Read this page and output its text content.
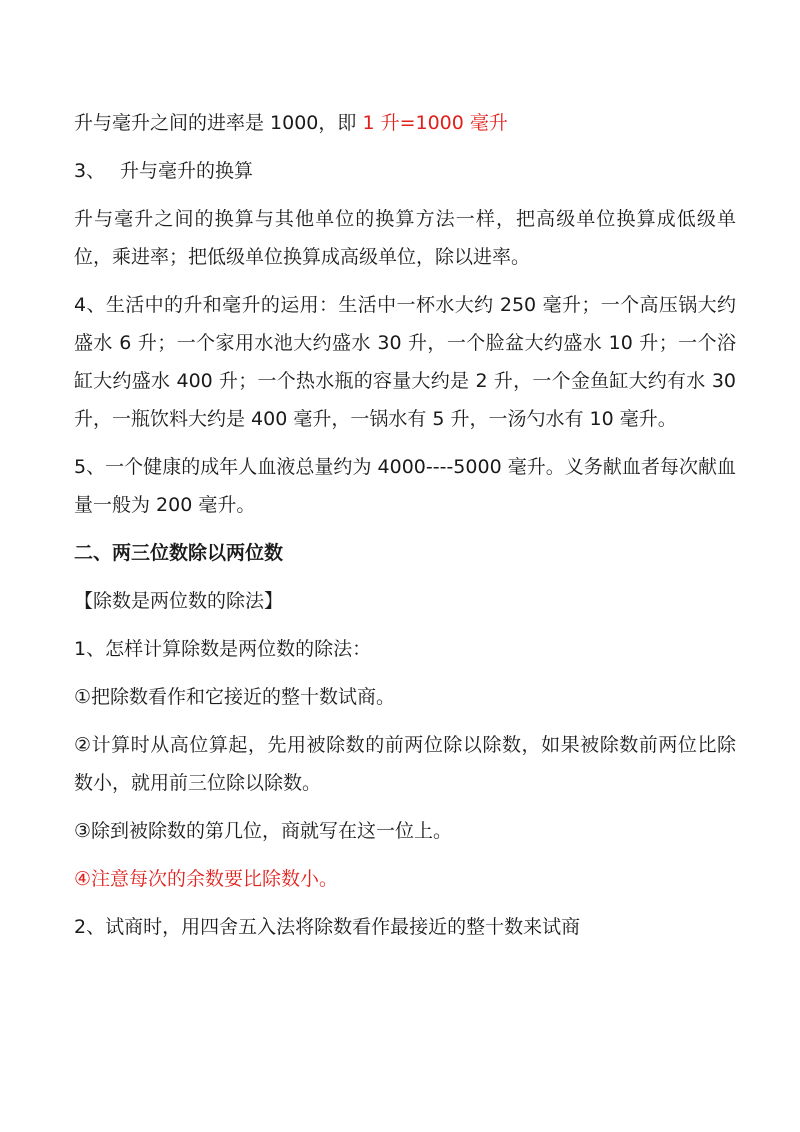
升与毫升之间的进率是 1000，即 1 升=1000 毫升

3、 升与毫升的换算

升与毫升之间的换算与其他单位的换算方法一样，把高级单位换算成低级单位，乘进率；把低级单位换算成高级单位，除以进率。

4、生活中的升和毫升的运用：生活中一杯水大约 250 毫升；一个高压锅大约盛水 6 升；一个家用水池大约盛水 30 升，一个脸盆大约盛水 10 升；一个浴缸大约盛水 400 升；一个热水瓶的容量大约是 2 升，一个金鱼缸大约有水 30 升，一瓶饮料大约是 400 毫升，一锅水有 5 升，一汤勺水有 10 毫升。

5、一个健康的成年人血液总量约为 4000----5000 毫升。义务献血者每次献血量一般为 200 毫升。

二、两三位数除以两位数

【除数是两位数的除法】

1、怎样计算除数是两位数的除法：

①把除数看作和它接近的整十数试商。

②计算时从高位算起，先用被除数的前两位除以除数，如果被除数前两位比除数小，就用前三位除以除数。

③除到被除数的第几位，商就写在这一位上。

④注意每次的余数要比除数小。

2、试商时，用四舍五入法将除数看作最接近的整十数来试商
